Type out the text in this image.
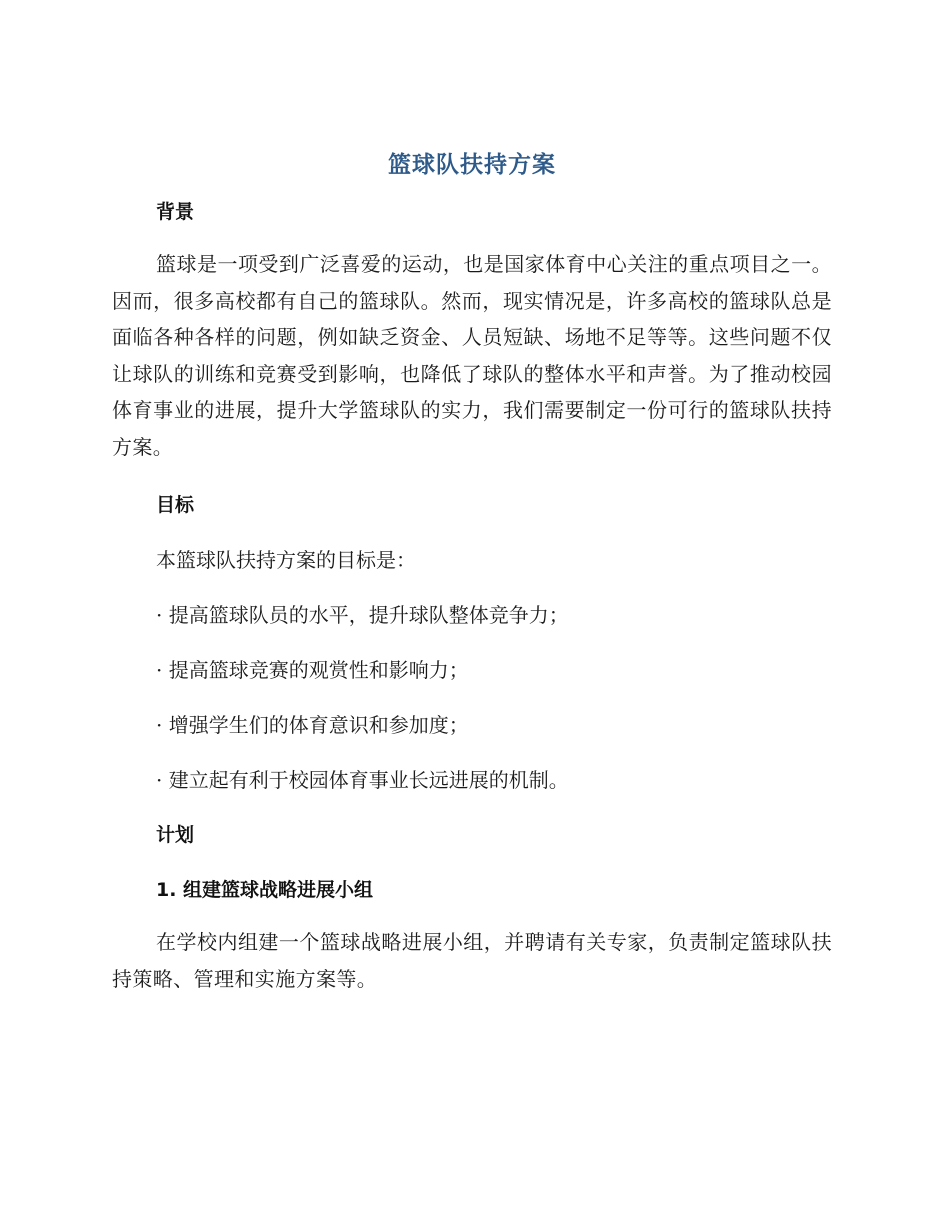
篮球队扶持方案
背景

篮球是一项受到广泛喜爱的运动，也是国家体育中心关注的重点项目之一。因而，很多高校都有自己的篮球队。然而，现实情况是，许多高校的篮球队总是面临各种各样的问题，例如缺乏资金、人员短缺、场地不足等等。这些问题不仅让球队的训练和竞赛受到影响，也降低了球队的整体水平和声誉。为了推动校园体育事业的进展，提升大学篮球队的实力，我们需要制定一份可行的篮球队扶持方案。

目标

本篮球队扶持方案的目标是：

· 提高篮球队员的水平，提升球队整体竞争力；

· 提高篮球竞赛的观赏性和影响力；

· 增强学生们的体育意识和参加度；

· 建立起有利于校园体育事业长远进展的机制。

计划
1. 组建篮球战略进展小组

在学校内组建一个篮球战略进展小组，并聘请有关专家，负责制定篮球队扶持策略、管理和实施方案等。
